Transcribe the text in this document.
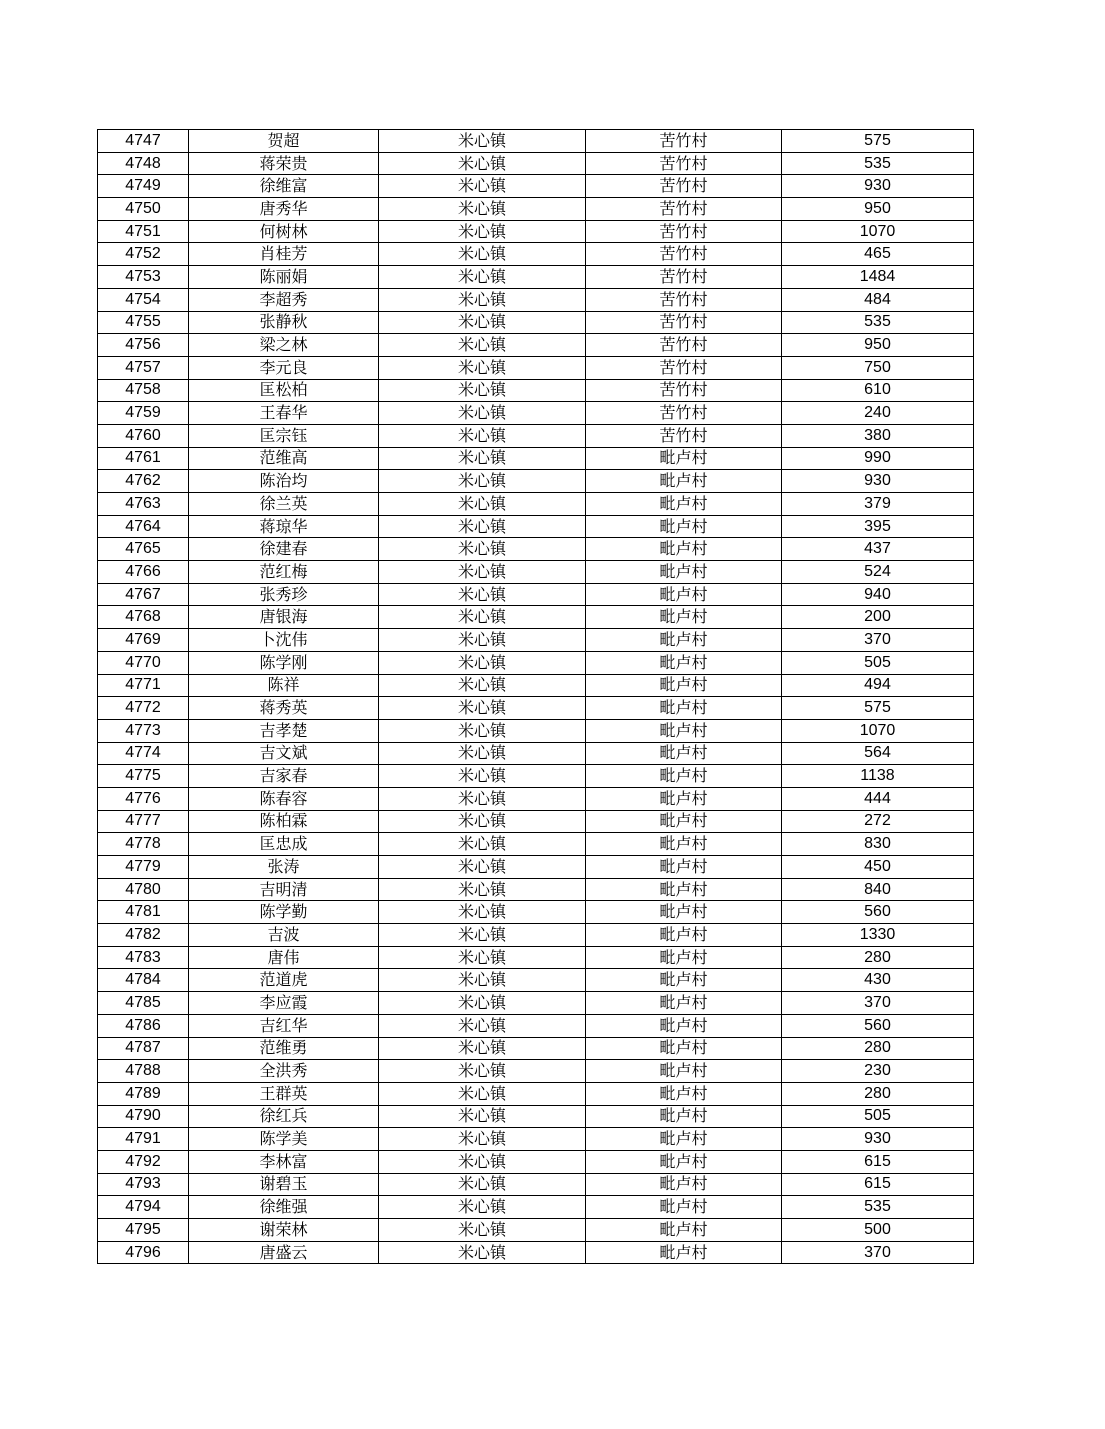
4747	贺超	米心镇	苦竹村	575
4748	蒋荣贵	米心镇	苦竹村	535
4749	徐维富	米心镇	苦竹村	930
4750	唐秀华	米心镇	苦竹村	950
4751	何树林	米心镇	苦竹村	1070
4752	肖桂芳	米心镇	苦竹村	465
4753	陈丽娟	米心镇	苦竹村	1484
4754	李超秀	米心镇	苦竹村	484
4755	张静秋	米心镇	苦竹村	535
4756	梁之林	米心镇	苦竹村	950
4757	李元良	米心镇	苦竹村	750
4758	匡松柏	米心镇	苦竹村	610
4759	王春华	米心镇	苦竹村	240
4760	匡宗钰	米心镇	苦竹村	380
4761	范维高	米心镇	毗卢村	990
4762	陈治均	米心镇	毗卢村	930
4763	徐兰英	米心镇	毗卢村	379
4764	蒋琼华	米心镇	毗卢村	395
4765	徐建春	米心镇	毗卢村	437
4766	范红梅	米心镇	毗卢村	524
4767	张秀珍	米心镇	毗卢村	940
4768	唐银海	米心镇	毗卢村	200
4769	卜沈伟	米心镇	毗卢村	370
4770	陈学刚	米心镇	毗卢村	505
4771	陈祥	米心镇	毗卢村	494
4772	蒋秀英	米心镇	毗卢村	575
4773	吉孝楚	米心镇	毗卢村	1070
4774	吉文斌	米心镇	毗卢村	564
4775	吉家春	米心镇	毗卢村	1138
4776	陈春容	米心镇	毗卢村	444
4777	陈柏霖	米心镇	毗卢村	272
4778	匡忠成	米心镇	毗卢村	830
4779	张涛	米心镇	毗卢村	450
4780	吉明清	米心镇	毗卢村	840
4781	陈学勤	米心镇	毗卢村	560
4782	吉波	米心镇	毗卢村	1330
4783	唐伟	米心镇	毗卢村	280
4784	范道虎	米心镇	毗卢村	430
4785	李应霞	米心镇	毗卢村	370
4786	吉红华	米心镇	毗卢村	560
4787	范维勇	米心镇	毗卢村	280
4788	全洪秀	米心镇	毗卢村	230
4789	王群英	米心镇	毗卢村	280
4790	徐红兵	米心镇	毗卢村	505
4791	陈学美	米心镇	毗卢村	930
4792	李林富	米心镇	毗卢村	615
4793	谢碧玉	米心镇	毗卢村	615
4794	徐维强	米心镇	毗卢村	535
4795	谢荣林	米心镇	毗卢村	500
4796	唐盛云	米心镇	毗卢村	370
